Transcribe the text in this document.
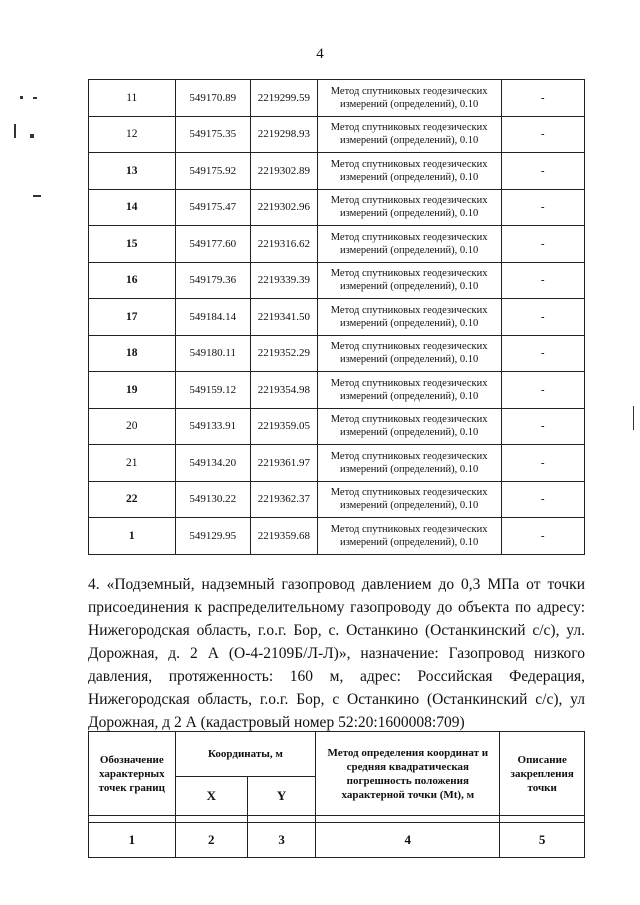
4
11	549170.89	2219299.59	Метод спутниковых геодезических измерений (определений), 0.10	-
12	549175.35	2219298.93	Метод спутниковых геодезических измерений (определений), 0.10	-
13	549175.92	2219302.89	Метод спутниковых геодезических измерений (определений), 0.10	-
14	549175.47	2219302.96	Метод спутниковых геодезических измерений (определений), 0.10	-
15	549177.60	2219316.62	Метод спутниковых геодезических измерений (определений), 0.10	-
16	549179.36	2219339.39	Метод спутниковых геодезических измерений (определений), 0.10	-
17	549184.14	2219341.50	Метод спутниковых геодезических измерений (определений), 0.10	-
18	549180.11	2219352.29	Метод спутниковых геодезических измерений (определений), 0.10	-
19	549159.12	2219354.98	Метод спутниковых геодезических измерений (определений), 0.10	-
20	549133.91	2219359.05	Метод спутниковых геодезических измерений (определений), 0.10	-
21	549134.20	2219361.97	Метод спутниковых геодезических измерений (определений), 0.10	-
22	549130.22	2219362.37	Метод спутниковых геодезических измерений (определений), 0.10	-
1	549129.95	2219359.68	Метод спутниковых геодезических измерений (определений), 0.10	-
4. «Подземный, надземный газопровод давлением до 0,3 МПа от точки присоединения к распределительному газопроводу до объекта по адресу: Нижегородская область, г.о.г. Бор, с. Останкино (Останкинский с/с), ул. Дорожная, д. 2 А (О-4-2109Б/Л-Л)», назначение: Газопровод низкого давления, протяженность: 160 м, адрес: Российская Федерация, Нижегородская область, г.о.г. Бор, с Останкино (Останкинский с/с), ул Дорожная, д 2 А (кадастровый номер 52:20:1600008:709)
Обозначение характерных точек границ	Координаты, м		Метод определения координат и средняя квадратическая погрешность положения характерной точки (Mt), м	Описание закрепления точки
	X	Y		

1	2	3	4	5
